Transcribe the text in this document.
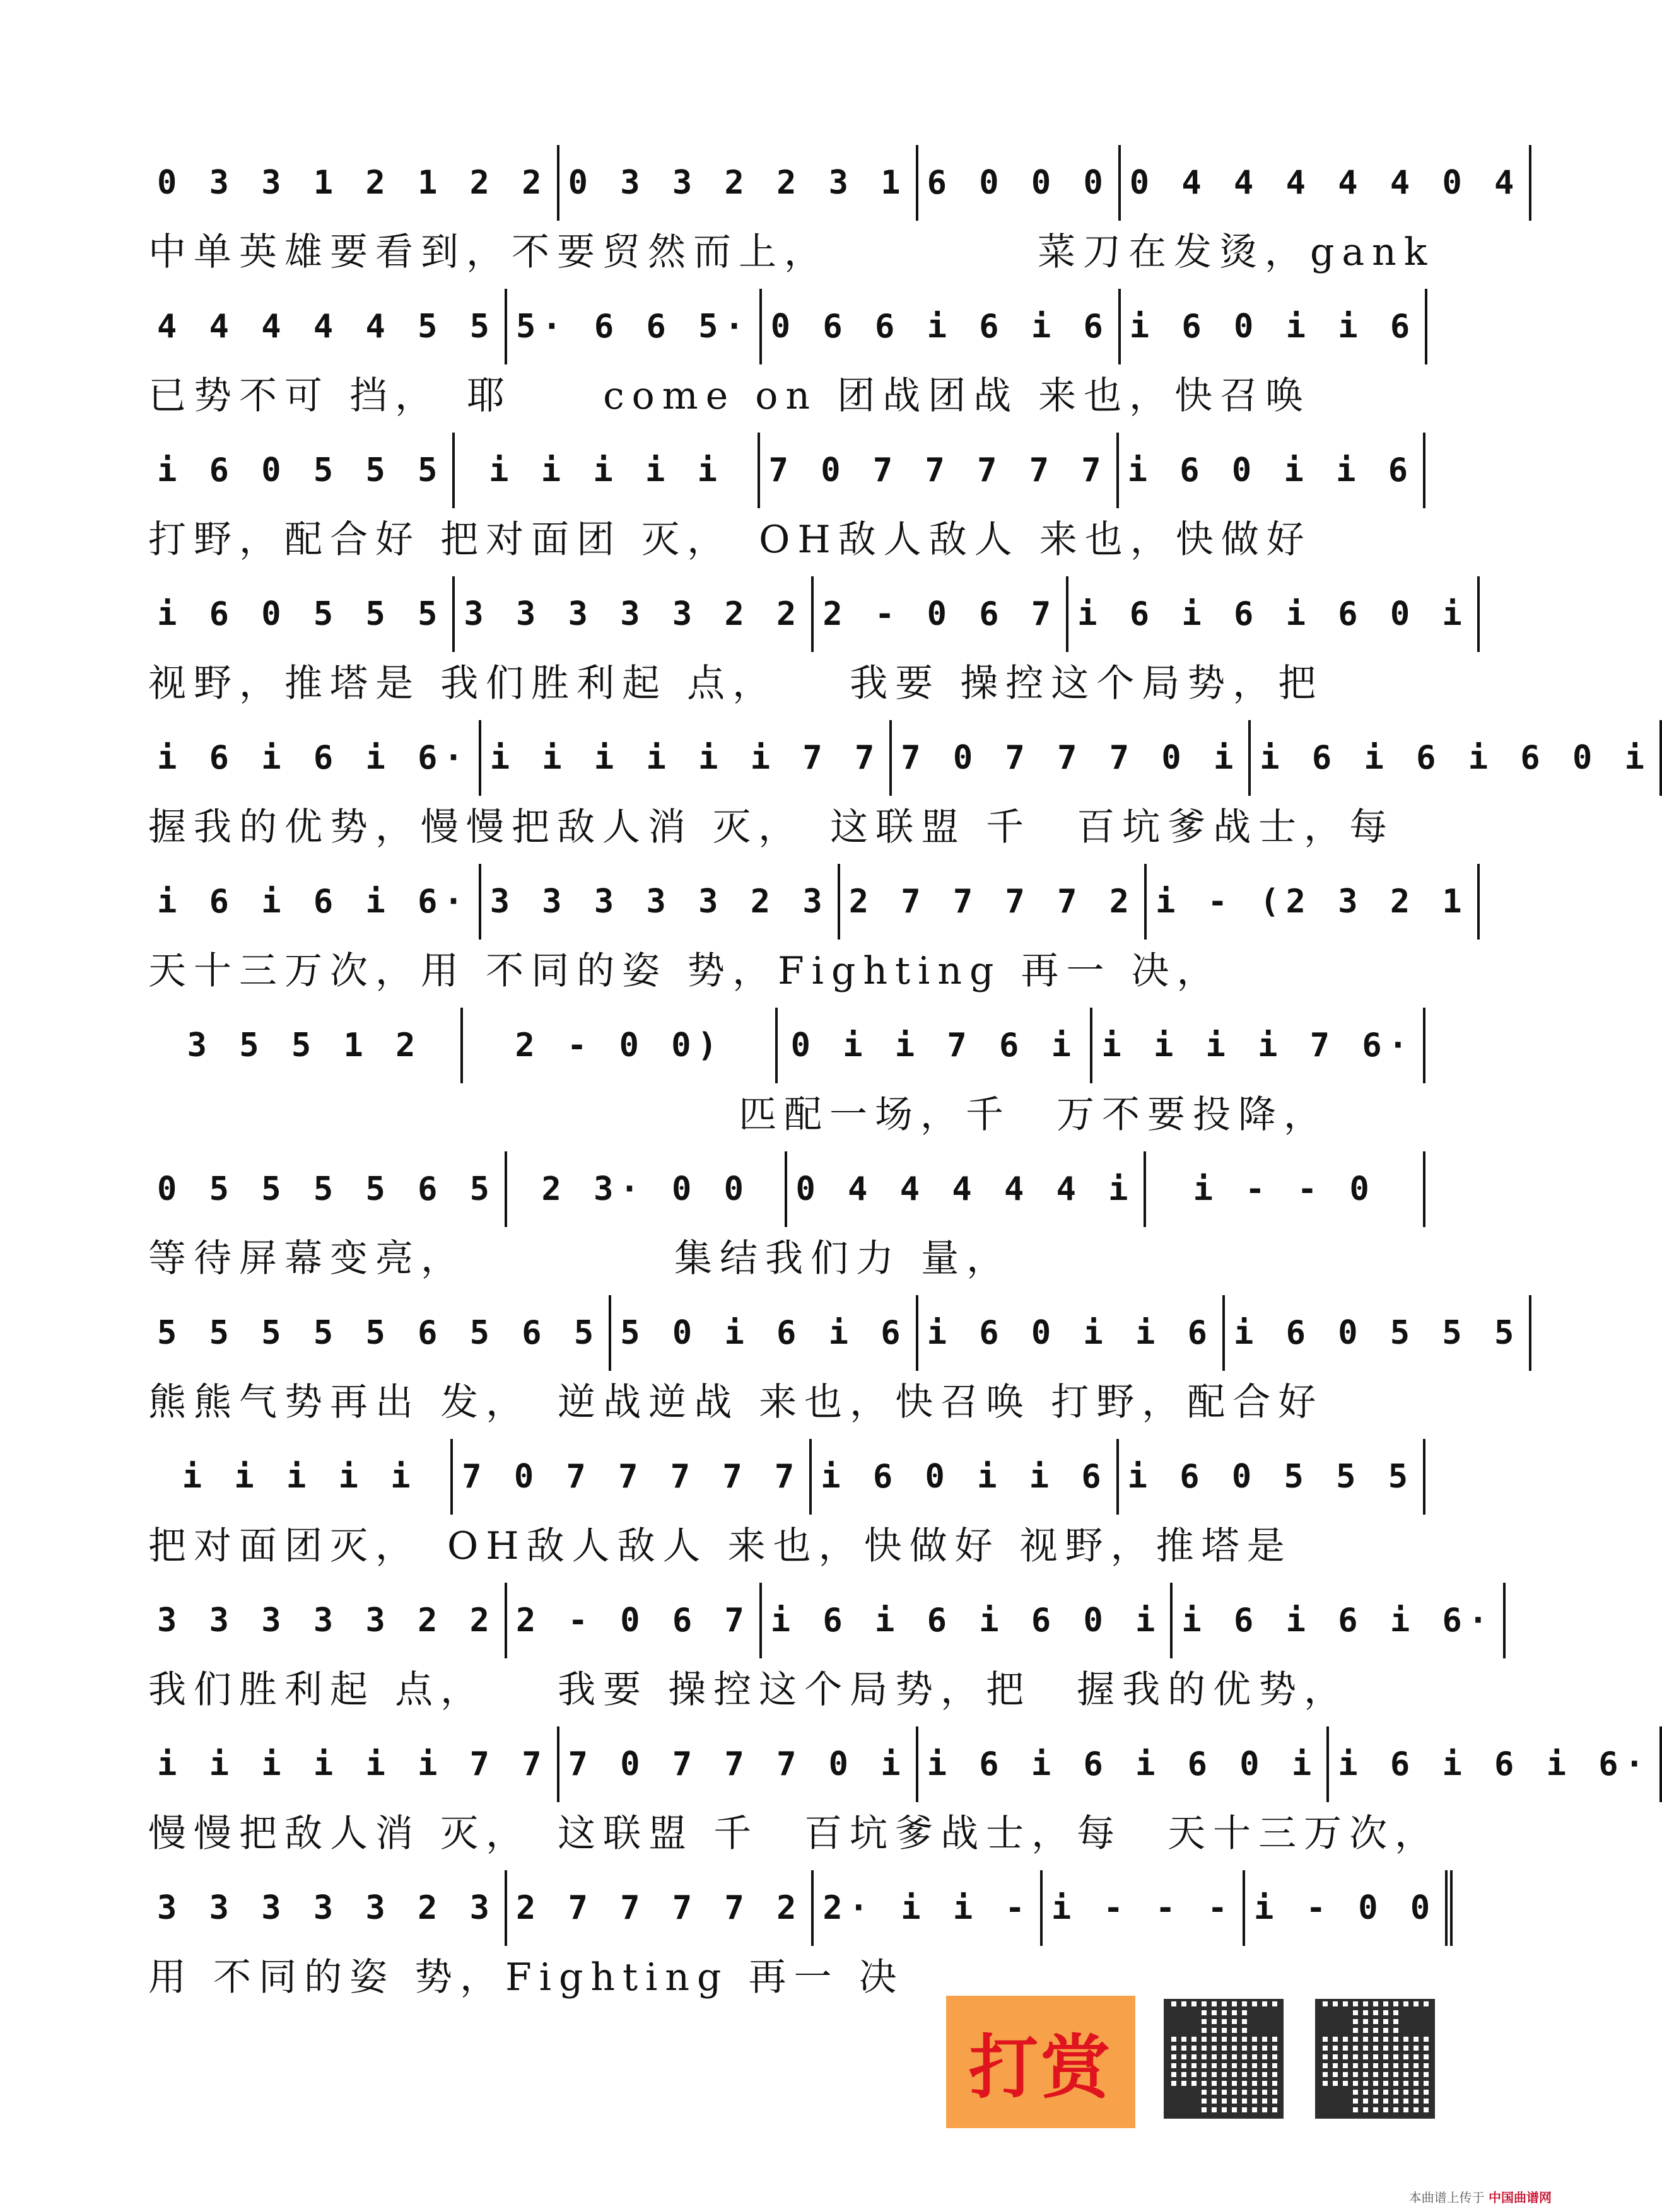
0 3 3 1 2 1 2 2 0 3 3 2 2 3 1 6 0 0 0 0 4 4 4 4 4 0 4
中单英雄要看到，不要贸然而上，　　　　　菜刀在发烫，gank
4 4 4 4 4 5 5 5· 6 6 5· 0 6 6 i 6 i 6 i 6 0 i i 6
已势不可 挡，　耶　　come on 团战团战 来也，快召唤
i 6 0 5 5 5	i i i i i	7 0 7 7 7 7 7 i 6 0 i i 6
打野，配合好 把对面团 灭，　OH敌人敌人 来也，快做好
i 6 0 5 5 5 3 3 3 3 3 2 2 2 - 0 6 7 i 6 i 6 i 6 0 i
视野，推塔是 我们胜利起 点，　　我要 操控这个局势，把
i 6 i 6 i 6· i i i i i i 7 7 7 0 7 7 7 0 i i 6 i 6 i 6 0 i
握我的优势，慢慢把敌人消 灭，　这联盟 千　百坑爹战士，每
i 6 i 6 i 6· 3 3 3 3 3 2 3 2 7 7 7 7 2 i - (2 3 2 1
天十三万次，用 不同的姿 势，Fighting 再一 决，
3 5 5 1 2	2 - 0 0)	0 i i 7 6 i i i i i 7 6·
　　　　　　　　　　　　　匹配一场，千　万不要投降，
0 5 5 5 5 6 5	2 3· 0 0	0 4 4 4 4 4 i	i - - 0
等待屏幕变亮，　　　　　集结我们力 量，
5 5 5 5 5 6 5 6 5 5 0 i 6 i 6 i 6 0 i i 6 i 6 0 5 5 5
熊熊气势再出 发，　逆战逆战 来也，快召唤 打野，配合好
i i i i i	7 0 7 7 7 7 7 i 6 0 i i 6 i 6 0 5 5 5
把对面团灭，　OH敌人敌人 来也，快做好 视野，推塔是
3 3 3 3 3 2 2 2 - 0 6 7 i 6 i 6 i 6 0 i i 6 i 6 i 6·
我们胜利起 点，　　我要 操控这个局势，把　握我的优势，
i i i i i i 7 7 7 0 7 7 7 0 i i 6 i 6 i 6 0 i i 6 i 6 i 6·
慢慢把敌人消 灭，　这联盟 千　百坑爹战士，每　天十三万次，
3 3 3 3 3 2 3 2 7 7 7 7 2 2· i i - i - - - i - 0 0
用 不同的姿 势，Fighting 再一 决
打赏
本曲谱上传于 中国曲谱网
